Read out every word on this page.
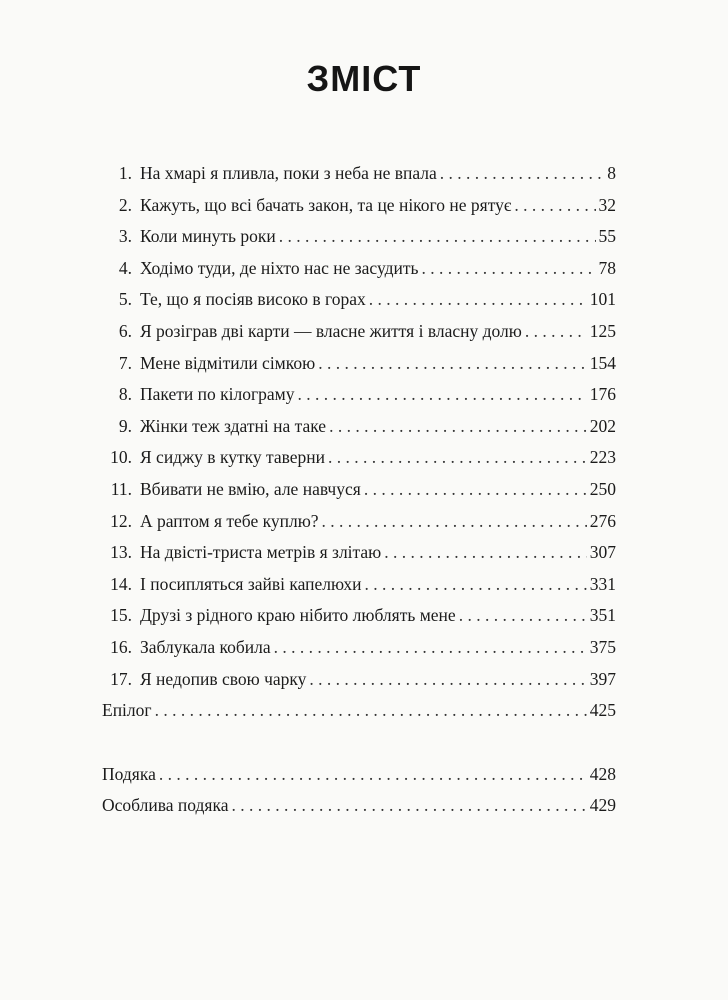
ЗМІСТ
1. На хмарі я пливла, поки з неба не впала . . .	8
2. Кажуть, що всі бачать закон, та це нікого не рятує . . .	32
3. Коли минуть роки . . .	55
4. Ходімо туди, де ніхто нас не засудить . . .	78
5. Те, що я посіяв високо в горах . . .	101
6. Я розіграв дві карти — власне життя і власну долю . . .	125
7. Мене відмітили сімкою . . .	154
8. Пакети по кілограму . . .	176
9. Жінки теж здатні на таке . . .	202
10. Я сиджу в кутку таверни . . .	223
11. Вбивати не вмію, але навчуся . . .	250
12. А раптом я тебе куплю? . . .	276
13. На двісті-триста метрів я злітаю . . .	307
14. І посипляться зайві капелюхи . . .	331
15. Друзі з рідного краю нібито люблять мене . . .	351
16. Заблукала кобила . . .	375
17. Я недопив свою чарку . . .	397
Епілог . . .	425
Подяка . . .	428
Особлива подяка . . .	429
